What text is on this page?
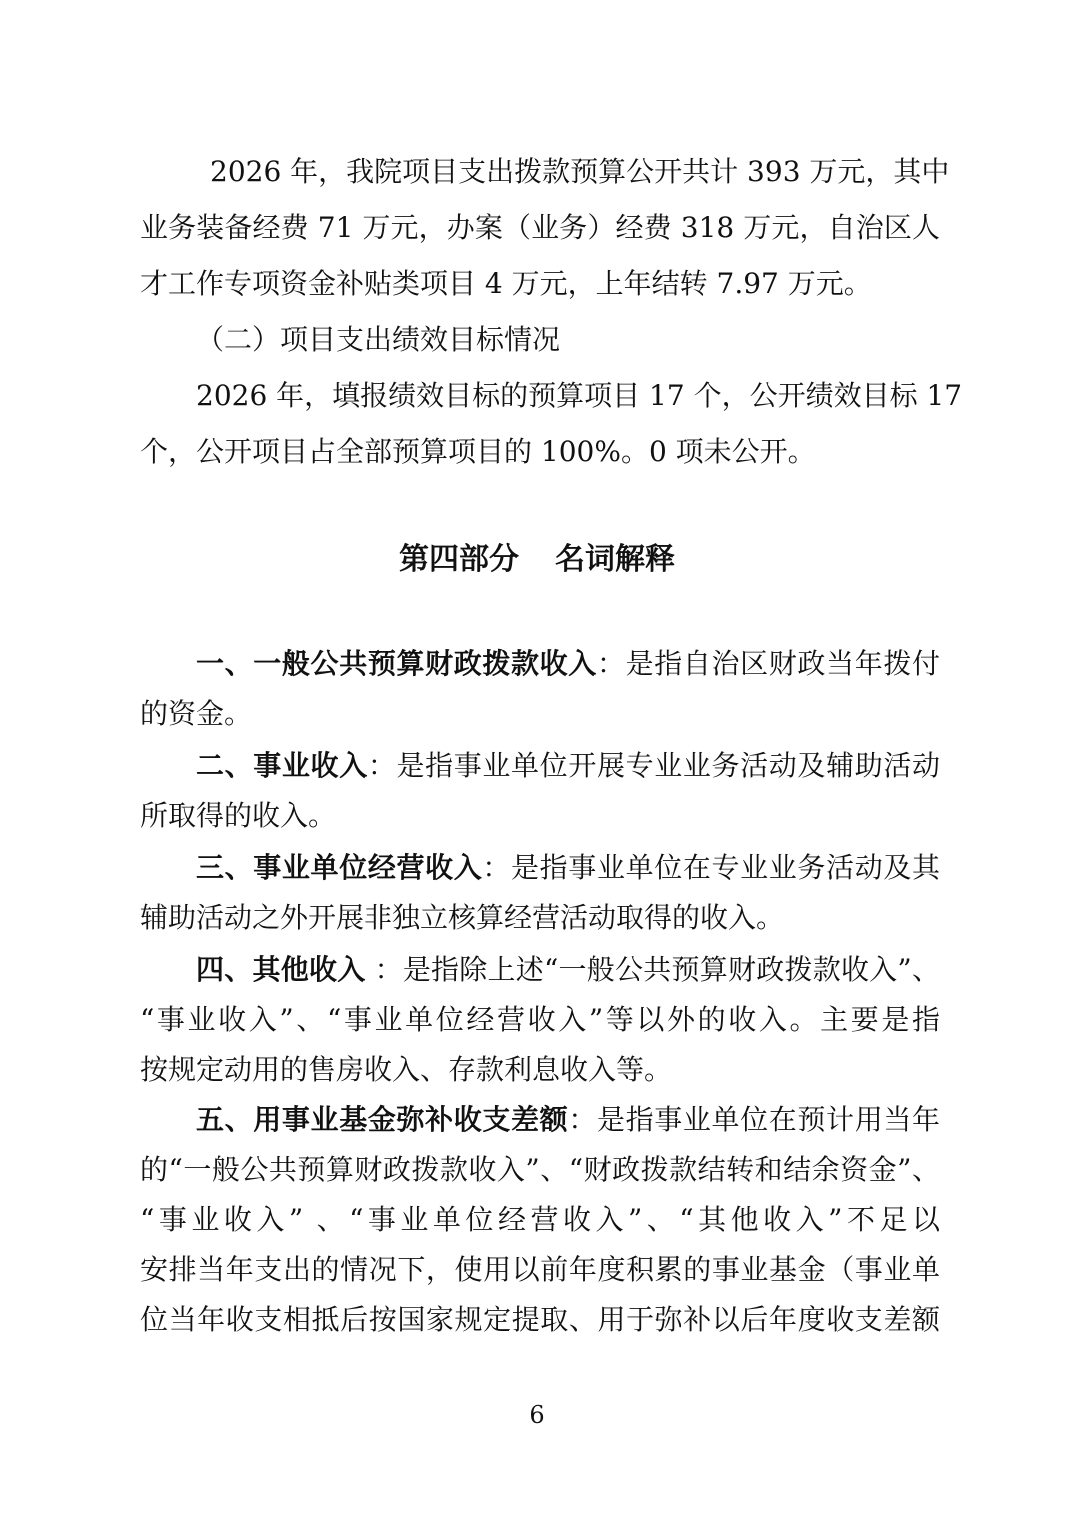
2026 年，我院项目支出拨款预算公开共计 393 万元，其中
业务装备经费 71 万元，办案（业务）经费 318 万元，自治区人
才工作专项资金补贴类项目 4 万元，上年结转 7.97 万元。
（二）项目支出绩效目标情况
2026 年，填报绩效目标的预算项目 17 个，公开绩效目标 17
个，公开项目占全部预算项目的 100%。0 项未公开。
第四部分 名词解释
一、一般公共预算财政拨款收入：是指自治区财政当年拨付
的资金。
二、事业收入：是指事业单位开展专业业务活动及辅助活动
所取得的收入。
三、事业单位经营收入：是指事业单位在专业业务活动及其
辅助活动之外开展非独立核算经营活动取得的收入。
四、其他收入 ：是指除上述“一般公共预算财政拨款收入”、
“事业收入”、“事业单位经营收入”等以外的收入。主要是指
按规定动用的售房收入、存款利息收入等。
五、用事业基金弥补收支差额：是指事业单位在预计用当年
的“一般公共预算财政拨款收入”、“财政拨款结转和结余资金”、
“事业收入” 、“事业单位经营收入”、“其他收入”不足以
安排当年支出的情况下，使用以前年度积累的事业基金（事业单
位当年收支相抵后按国家规定提取、用于弥补以后年度收支差额
6
